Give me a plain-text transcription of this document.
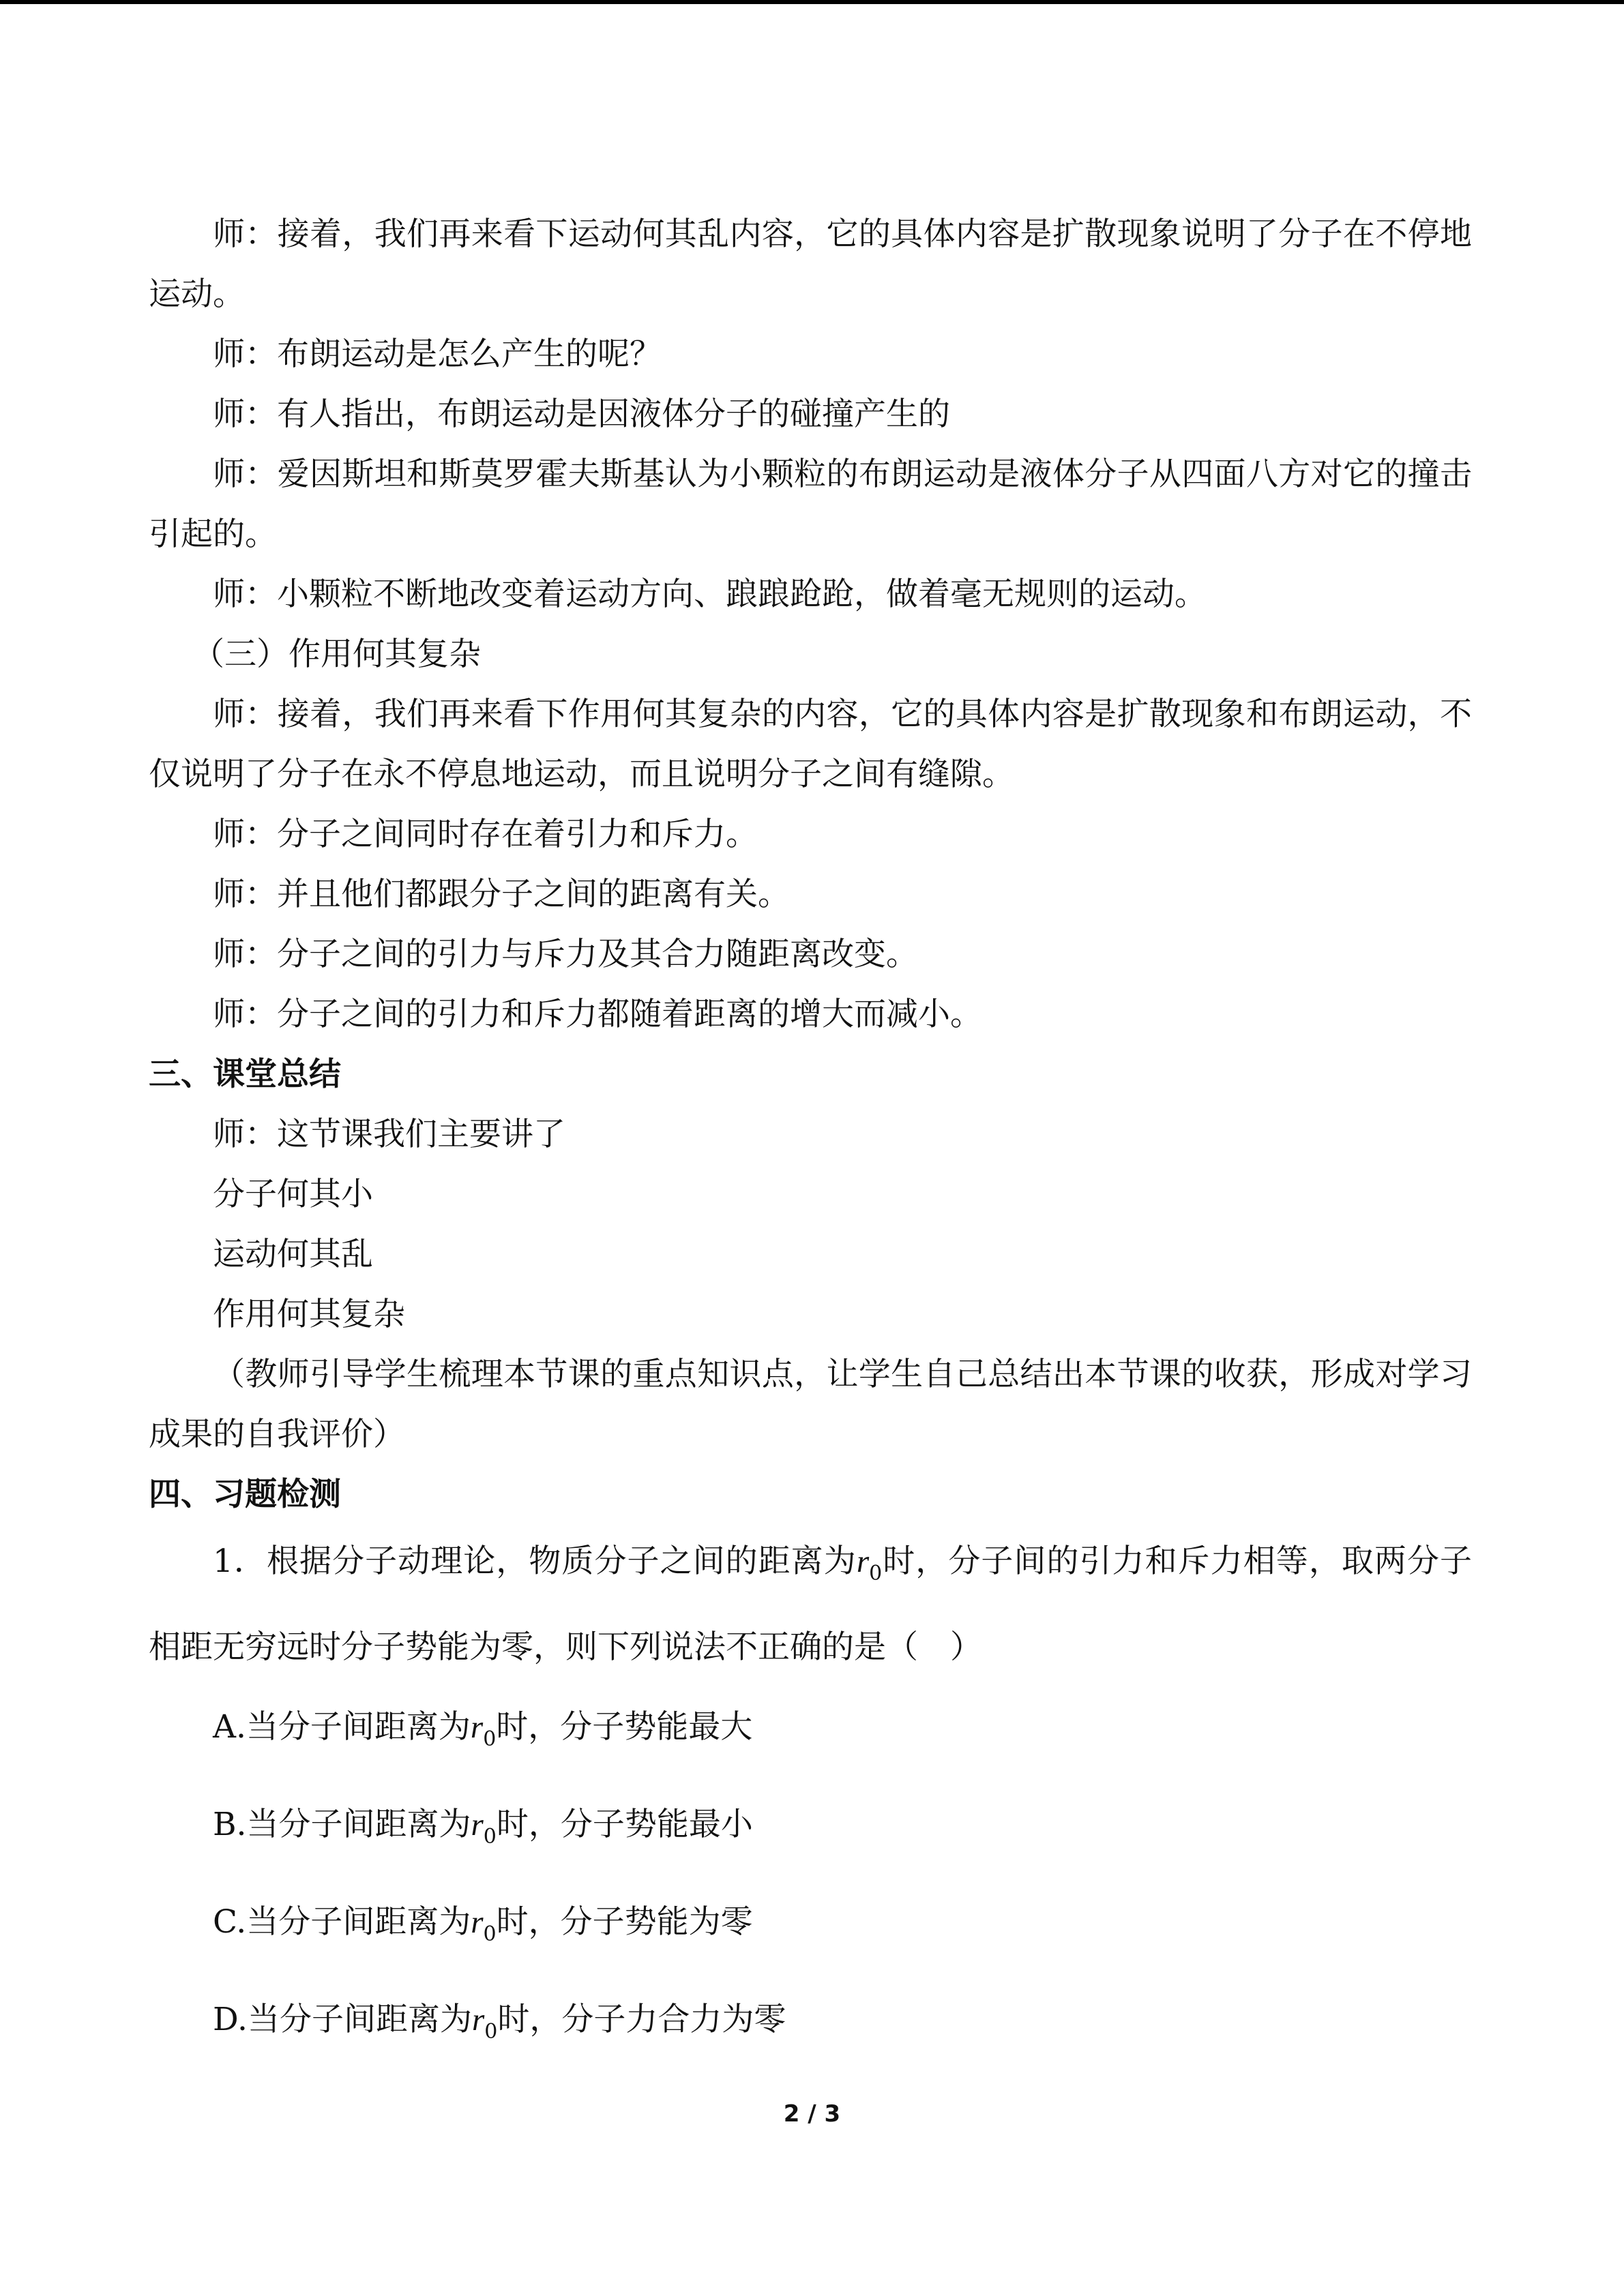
师：接着，我们再来看下运动何其乱内容，它的具体内容是扩散现象说明了分子在不停地运动。

师：布朗运动是怎么产生的呢？

师：有人指出，布朗运动是因液体分子的碰撞产生的

师：爱因斯坦和斯莫罗霍夫斯基认为小颗粒的布朗运动是液体分子从四面八方对它的撞击引起的。

师：小颗粒不断地改变着运动方向、踉踉跄跄，做着毫无规则的运动。

（三）作用何其复杂

师：接着，我们再来看下作用何其复杂的内容，它的具体内容是扩散现象和布朗运动，不仅说明了分子在永不停息地运动，而且说明分子之间有缝隙。

师：分子之间同时存在着引力和斥力。

师：并且他们都跟分子之间的距离有关。

师：分子之间的引力与斥力及其合力随距离改变。

师：分子之间的引力和斥力都随着距离的增大而减小。

三、课堂总结

师：这节课我们主要讲了

分子何其小

运动何其乱

作用何其复杂

（教师引导学生梳理本节课的重点知识点，让学生自己总结出本节课的收获，形成对学习成果的自我评价）

四、习题检测

1．根据分子动理论，物质分子之间的距离为$r_0$时，分子间的引力和斥力相等，取两分子相距无穷远时分子势能为零，则下列说法不正确的是（　）

A.当分子间距离为$r_0$时，分子势能最大

B.当分子间距离为$r_0$时，分子势能最小

C.当分子间距离为$r_0$时，分子势能为零

D.当分子间距离为$r_0$时，分子力合力为零

2 / 3
